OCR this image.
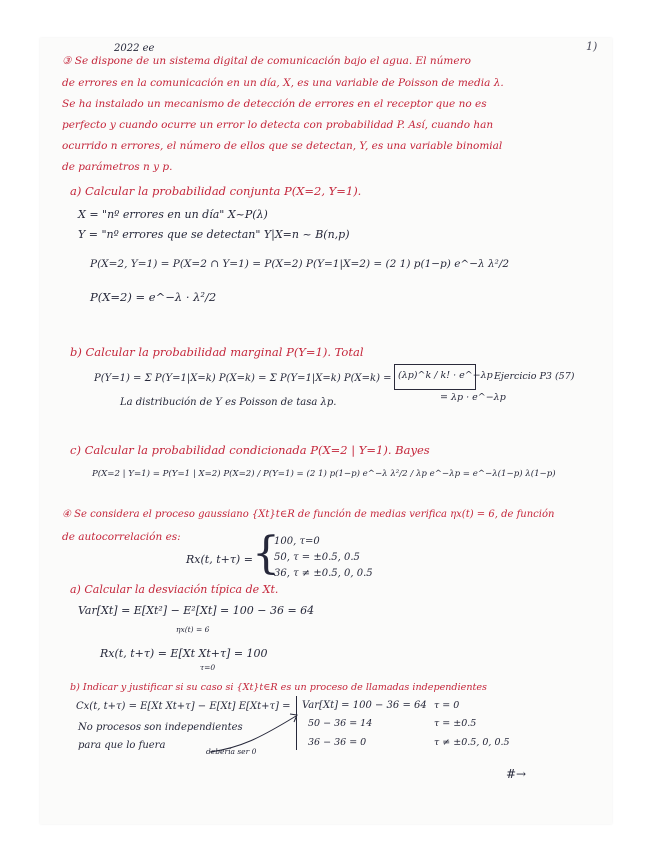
1)
2022 ee
③ Se dispone de un sistema digital de comunicación bajo el agua. El número
de errores en la comunicación en un día, X, es una variable de Poisson de media λ.
Se ha instalado un mecanismo de detección de errores en el receptor que no es
perfecto y cuando ocurre un error lo detecta con probabilidad P. Así, cuando han
ocurrido n errores, el número de ellos que se detectan, Y, es una variable binomial
de parámetros n y p.
a) Calcular la probabilidad conjunta P(X=2, Y=1).
X = "nº errores en un día" X~P(λ)
Y = "nº errores que se detectan" Y|X=n ~ B(n,p)
P(X=2, Y=1) = P(X=2 ∩ Y=1) = P(X=2) P(Y=1|X=2) = (2 1) p(1−p) e^−λ λ²/2
P(X=2) = e^−λ · λ²/2
b) Calcular la probabilidad marginal P(Y=1). Total
P(Y=1) = Σ P(Y=1|X=k) P(X=k) = Σ P(Y=1|X=k) P(X=k) = (λp)^k / k! · e^−λp Ejercicio P3 (57)
= λp · e^−λp
La distribución de Y es Poisson de tasa λp.
c) Calcular la probabilidad condicionada P(X=2 | Y=1). Bayes
P(X=2 | Y=1) = P(Y=1 | X=2) P(X=2) / P(Y=1) = (2 1) p(1−p) e^−λ λ²/2 / λp e^−λp = e^−λ(1−p) λ(1−p)
④ Se considera el proceso gaussiano {Xt}t∈R de función de medias verifica ηx(t) = 6, de función
de autocorrelación es:
Rx(t, t+τ) = {
100, τ=0
50, τ = ±0.5, 0.5
36, τ ≠ ±0.5, 0, 0.5
a) Calcular la desviación típica de Xt.
Var[Xt] = E[Xt²] − E²[Xt] = 100 − 36 = 64
ηx(t) = 6
Rx(t, t+τ) = E[Xt Xt+τ] = 100
τ=0
b) Indicar y justificar si su caso si {Xt}t∈R es un proceso de llamadas independientes
Cx(t, t+τ) = E[Xt Xt+τ] − E[Xt] E[Xt+τ] = Var[Xt] = 100 − 36 = 64
50 − 36 = 14
36 − 36 = 0
τ = 0
τ = ±0.5
τ ≠ ±0.5, 0, 0.5
No procesos son independientes
para que lo fuera
debería ser 0
#→
